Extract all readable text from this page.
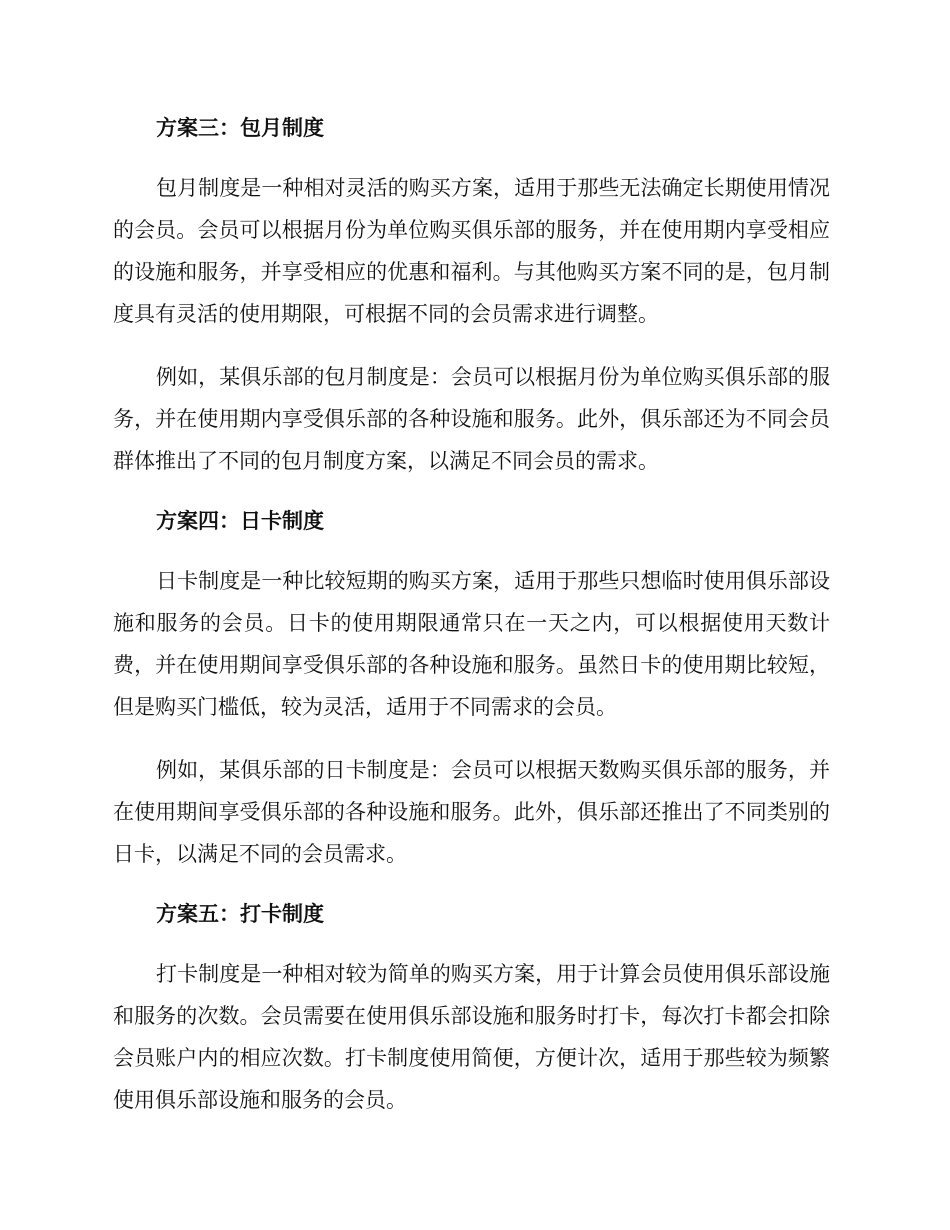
方案三：包月制度

包月制度是一种相对灵活的购买方案，适用于那些无法确定长期使用情况的会员。会员可以根据月份为单位购买俱乐部的服务，并在使用期内享受相应的设施和服务，并享受相应的优惠和福利。与其他购买方案不同的是，包月制度具有灵活的使用期限，可根据不同的会员需求进行调整。

例如，某俱乐部的包月制度是：会员可以根据月份为单位购买俱乐部的服务，并在使用期内享受俱乐部的各种设施和服务。此外，俱乐部还为不同会员群体推出了不同的包月制度方案，以满足不同会员的需求。

方案四：日卡制度

日卡制度是一种比较短期的购买方案，适用于那些只想临时使用俱乐部设施和服务的会员。日卡的使用期限通常只在一天之内，可以根据使用天数计费，并在使用期间享受俱乐部的各种设施和服务。虽然日卡的使用期比较短，但是购买门槛低，较为灵活，适用于不同需求的会员。

例如，某俱乐部的日卡制度是：会员可以根据天数购买俱乐部的服务，并在使用期间享受俱乐部的各种设施和服务。此外，俱乐部还推出了不同类别的日卡，以满足不同的会员需求。

方案五：打卡制度

打卡制度是一种相对较为简单的购买方案，用于计算会员使用俱乐部设施和服务的次数。会员需要在使用俱乐部设施和服务时打卡，每次打卡都会扣除会员账户内的相应次数。打卡制度使用简便，方便计次，适用于那些较为频繁使用俱乐部设施和服务的会员。
